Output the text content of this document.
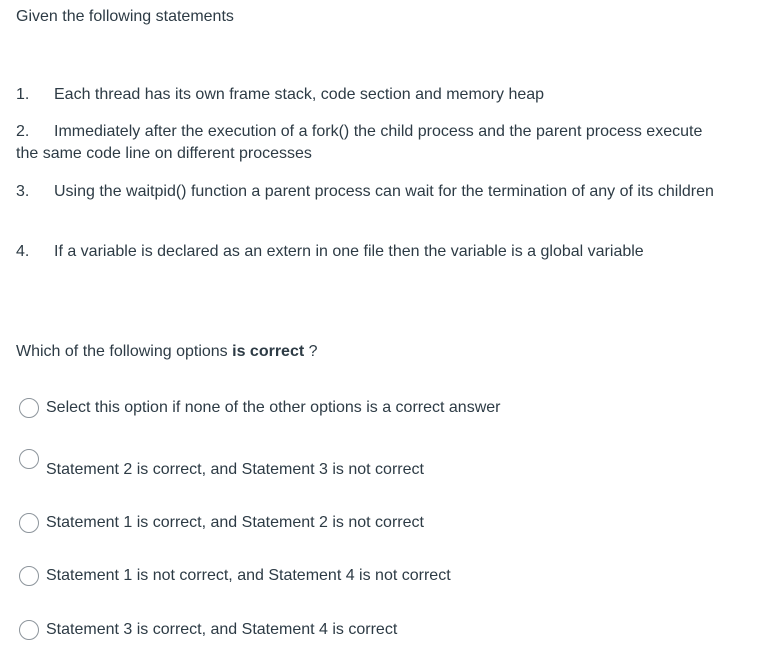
Given the following statements
1. Each thread has its own frame stack, code section and memory heap
2. Immediately after the execution of a fork() the child process and the parent process execute the same code line on different processes
3. Using the waitpid() function a parent process can wait for the termination of any of its children
4. If a variable is declared as an extern in one file then the variable is a global variable
Which of the following options is correct ?
Select this option if none of the other options is a correct answer
Statement 2 is correct, and Statement 3 is not correct
Statement 1 is correct, and Statement 2 is not correct
Statement 1 is not correct, and Statement 4 is not correct
Statement 3 is correct, and Statement 4 is correct
